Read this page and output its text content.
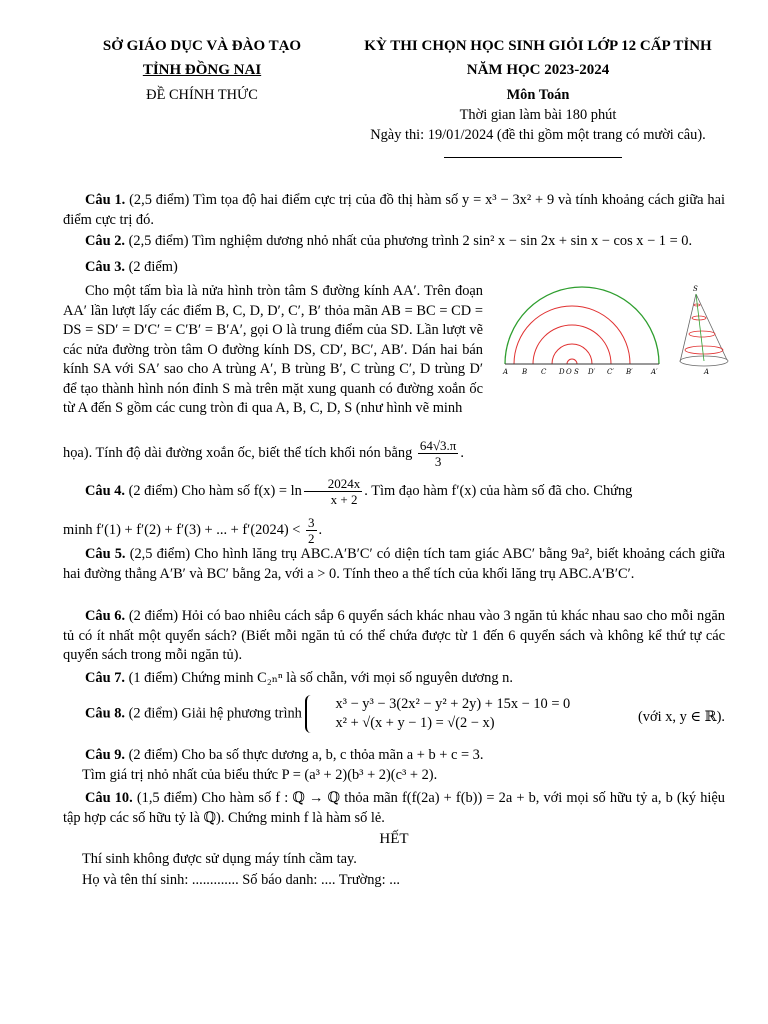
SỞ GIÁO DỤC VÀ ĐÀO TẠO
TỈNH ĐỒNG NAI
ĐỀ CHÍNH THỨC
KỲ THI CHỌN HỌC SINH GIỎI LỚP 12 CẤP TỈNH
NĂM HỌC 2023-2024
Môn Toán
Thời gian làm bài 180 phút
Ngày thi: 19/01/2024 (đề thi gồm một trang có mười câu).
Câu 1. (2,5 điểm) Tìm tọa độ hai điểm cực trị của đồ thị hàm số y = x³ − 3x² + 9 và tính khoảng cách giữa hai điểm cực trị đó.
Câu 2. (2,5 điểm) Tìm nghiệm dương nhỏ nhất của phương trình 2 sin² x − sin 2x + sin x − cos x − 1 = 0.
Câu 3. (2 điểm)
Cho một tấm bìa là nửa hình tròn tâm S đường kính AA′. Trên đoạn AA′ lần lượt lấy các điểm B, C, D, D′, C′, B′ thỏa mãn AB = BC = CD = DS = SD′ = D′C′ = C′B′ = B′A′, gọi O là trung điểm của SD. Lần lượt vẽ các nửa đường tròn tâm O đường kính DS, CD′, BC′, AB′. Dán hai bán kính SA với SA′ sao cho A trùng A′, B trùng B′, C trùng C′, D trùng D′ để tạo thành hình nón đỉnh S mà trên mặt xung quanh có đường xoắn ốc từ A đến S gồm các cung tròn đi qua A, B, C, D, S (như hình vẽ minh
họa). Tính độ dài đường xoắn ốc, biết thể tích khối nón bằng $\frac{64√3.\pi}{3}$ .
A B C D O S D′ C′ B′	A′
S
A
Câu 4. (2 điểm) Cho hàm số $f(x) = \ln \frac{2024x}{x + 2}$ . Tìm đạo hàm f′(x) của hàm số đã cho. Chứng
minh f′(1) + f′(2) + f′(3) + ... + $f'(2024) < \frac{3}{2}$ .
Câu 5. (2,5 điểm) Cho hình lăng trụ ABC.A′B′C′ có diện tích tam giác ABC′ bằng 9a², biết khoảng cách giữa hai đường thẳng A′B′ và BC′ bằng 2a, với a > 0. Tính theo a thể tích của khối lăng trụ ABC.A′B′C′.
Câu 6. (2 điểm) Hỏi có bao nhiêu cách sắp 6 quyển sách khác nhau vào 3 ngăn tủ khác nhau sao cho mỗi ngăn tủ có ít nhất một quyển sách? (Biết mỗi ngăn tủ có thể chứa được từ 1 đến 6 quyển sách và không kể thứ tự các quyển sách trong mỗi ngăn tủ).
Câu 7. (1 điểm) Chứng minh C₂ₙⁿ là số chẵn, với mọi số nguyên dương n.
Câu 8. (2 điểm) Giải hệ phương trình
x³ − y³ − 3(2x² − y² + 2y) + 15x − 10 = 0
x² + √(x + y − 1) = √(2 − x)	(với x, y ∈ ℝ).
Câu 9. (2 điểm) Cho ba số thực dương a, b, c thỏa mãn a + b + c = 3.
Tìm giá trị nhỏ nhất của biểu thức P = (a³ + 2)(b³ + 2)(c³ + 2).
Câu 10. (1,5 điểm) Cho hàm số f : ℚ → ℚ thỏa mãn f(f(2a) + f(b)) = 2a + b, với mọi số hữu tỷ a, b (ký hiệu tập hợp các số hữu tỷ là ℚ). Chứng minh f là hàm số lẻ.
HẾT
Thí sinh không được sử dụng máy tính cầm tay.
Họ và tên thí sinh: ............. Số báo danh: .... Trường: ...
